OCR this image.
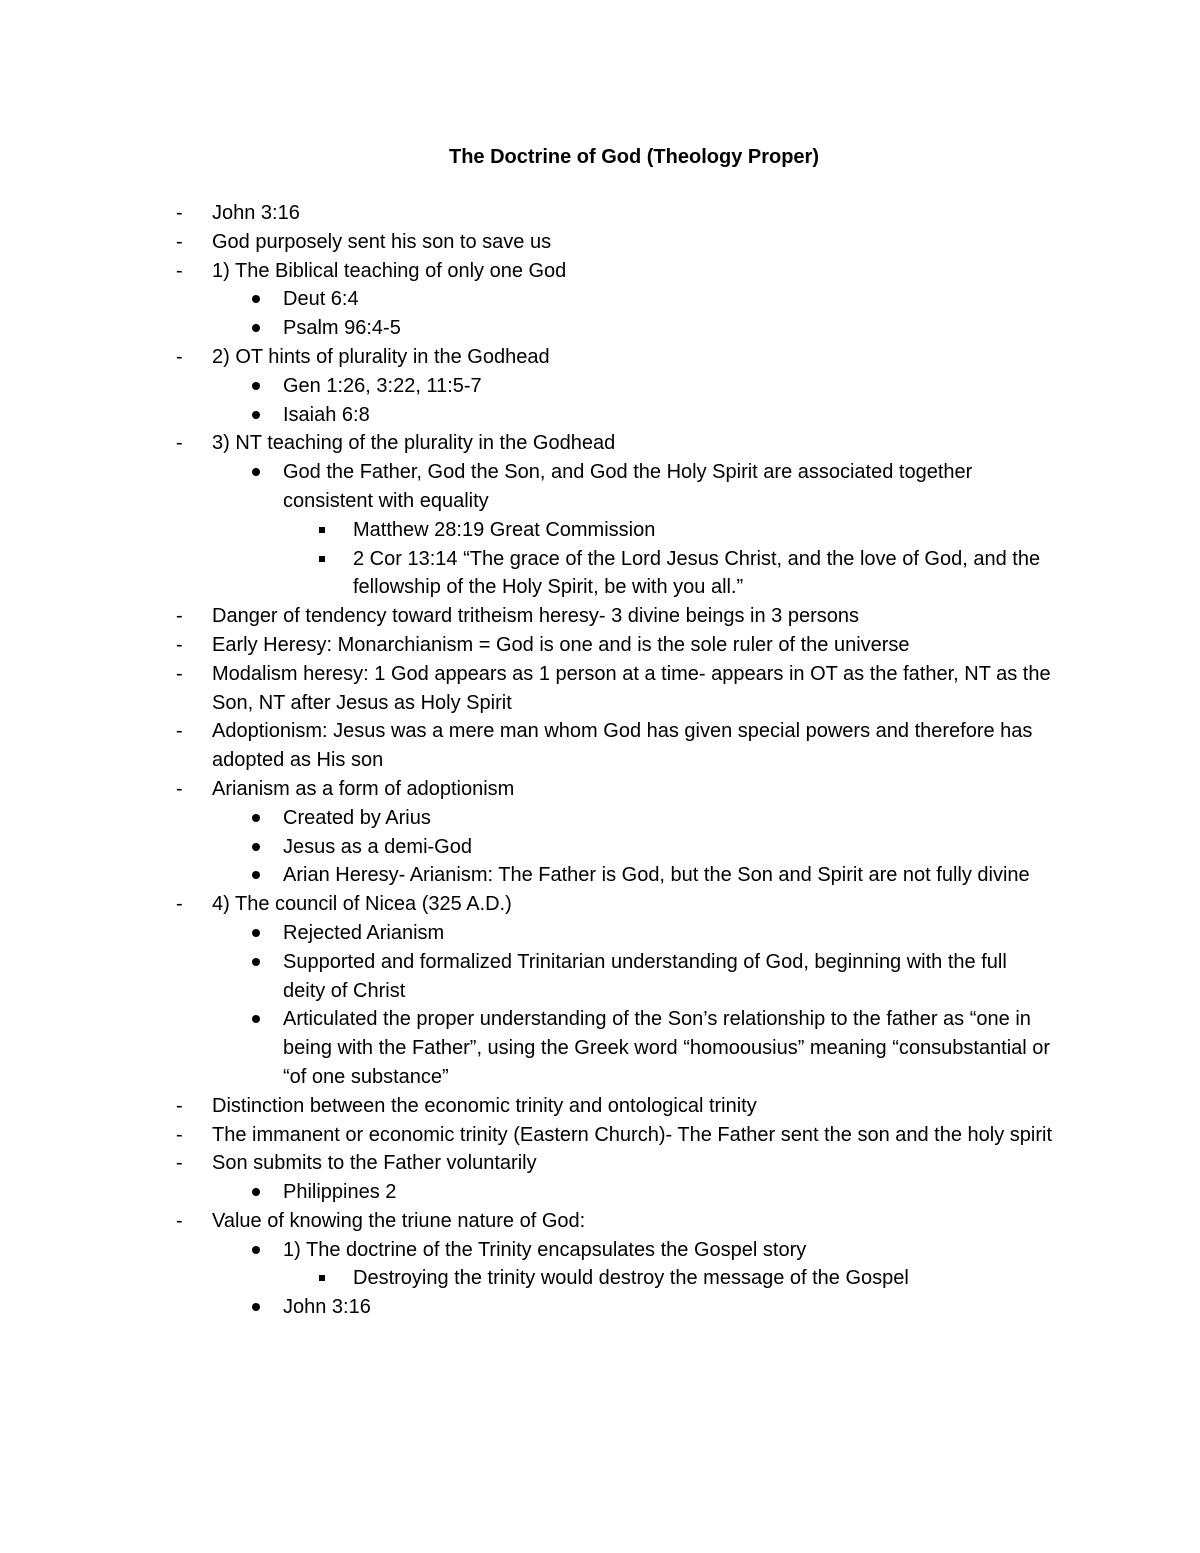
The Doctrine of God (Theology Proper)
- John 3:16
- God purposely sent his son to save us
- 1) The Biblical teaching of only one God
Deut 6:4
Psalm 96:4-5
- 2) OT hints of plurality in the Godhead
Gen 1:26, 3:22, 11:5-7
Isaiah 6:8
- 3) NT teaching of the plurality in the Godhead
God the Father, God the Son, and God the Holy Spirit are associated together consistent with equality
Matthew 28:19 Great Commission
2 Cor 13:14 “The grace of the Lord Jesus Christ, and the love of God, and the fellowship of the Holy Spirit, be with you all.”
- Danger of tendency toward tritheism heresy- 3 divine beings in 3 persons
- Early Heresy: Monarchianism = God is one and is the sole ruler of the universe
- Modalism heresy: 1 God appears as 1 person at a time- appears in OT as the father, NT as the Son, NT after Jesus as Holy Spirit
- Adoptionism: Jesus was a mere man whom God has given special powers and therefore has adopted as His son
- Arianism as a form of adoptionism
Created by Arius
Jesus as a demi-God
Arian Heresy- Arianism: The Father is God, but the Son and Spirit are not fully divine
- 4) The council of Nicea (325 A.D.)
Rejected Arianism
Supported and formalized Trinitarian understanding of God, beginning with the full deity of Christ
Articulated the proper understanding of the Son’s relationship to the father as “one in being with the Father”, using the Greek word “homoousius” meaning “consubstantial or “of one substance”
- Distinction between the economic trinity and ontological trinity
- The immanent or economic trinity (Eastern Church)- The Father sent the son and the holy spirit
- Son submits to the Father voluntarily
Philippines 2
- Value of knowing the triune nature of God:
1) The doctrine of the Trinity encapsulates the Gospel story
Destroying the trinity would destroy the message of the Gospel
John 3:16
